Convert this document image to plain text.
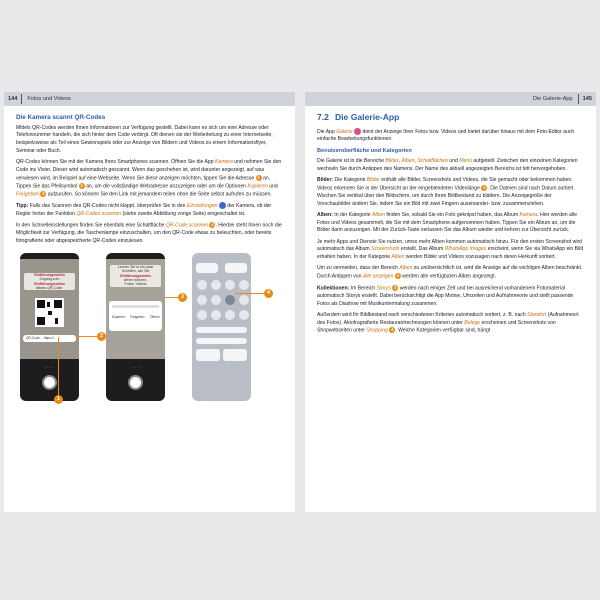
144	Fotos und Videos
Die Kamera scannt QR-Codes

Mittels QR-Codes werden Ihnen Informationen zur Verfügung gestellt. Dabei kann es sich um eine Adresse oder Telefonnummer handeln, die sich hinter dem Code verbirgt. Oft dienen sie der Weiterleitung zu einer Internetseite, beispielsweise als Teil eines Gewinnspiels oder zur Anzeige von Bildern und Videos zu einem Informationsflyer, Seminar oder Buch.

QR-Codes können Sie mit der Kamera Ihres Smartphones scannen. Öffnen Sie die App Kamera und nehmen Sie den Code ins Visier. Dieser wird automatisch gescannt. Wenn das geschehen ist, wird darunter angezeigt, auf was verwiesen wird, im Beispiel auf eine Webseite. Wenn Sie diese anzeigen möchten, tippen Sie die Adresse 1 an. Tippen Sie das Pfeilsymbol 2 an, um die vollständige Webadresse anzuzeigen oder um die Optionen Kopieren und Freigeben 3 aufzurufen. So können Sie den Link mit jemandem teilen ohne die Seite selbst aufrufen zu müssen.

Tipp: Falls das Scannen des QR-Codes nicht klappt, überprüfen Sie in den Einstellungen  der Kamera, ob der Regler hinter der Funktion QR-Codes scannen (siehe zweite Abbildung vorige Seite) eingeschaltet ist.

In den Schnelleinstellungen finden Sie ebenfalls eine Schaltfläche QR-Code scannen 4 . Hierbei steht Ihnen noch die Möglichkeit zur Verfügung, die Taschenlampe einzuschalten, um den QR-Code etwas zu beleuchten, oder bereits fotografierte oder abgespeicherte QR-Codes einzulesen.

Einführungsvideo
Zugang zum
Einführungsvideo
dieses QR-Code.
QR-Code: ...https://...
· · · · ·
1
2
Lernen Sie in ein paar
Schritten, wie Sie
Einführungsvideo
sehen können.
Fotos, Videos
Kopieren Freigeben Öffnen
· · · · ·
3
4
Die Galerie-App	145
7.2 Die Galerie-App

Die App Galerie  dient der Anzeige Ihrer Fotos bzw. Videos und bietet darüber hinaus mit dem Foto-Editor auch einfache Bearbeitungsfunktionen.

Benutzeroberfläche und Kategorien

Die Galerie ist in die Bereiche Bilder, Alben, Schaltflächen und Menü aufgeteilt. Zwischen den einzelnen Kategorien wechseln Sie durch Antippen des Namens. Der Name des aktuell angezeigten Bereichs ist fett hervorgehoben.

Bilder: Die Kategorie Bilder enthält alle Bilder, Screenshots und Videos, die Sie gemacht oder bekommen haben. Videos erkennen Sie in der Übersicht an der eingeblendeten Videolänge 1 . Die Dateien sind nach Datum sortiert. Wischen Sie vertikal über den Bildschirm, um durch Ihren Bildbestand zu blättern. Die Anzeigegröße der Vorschaubilder ändern Sie, indem Sie ein Bild mit zwei Fingern auseinander- bzw. zusammenziehen.

Alben: In der Kategorie Alben finden Sie, sobald Sie ein Foto geknipst haben, das Album Kamera. Hier werden alle Fotos und Videos gesammelt, die Sie mit dem Smartphone aufgenommen haben. Tippen Sie ein Album an, um die Bilder darin anzuzeigen. Mit der Zurück-Taste verlassen Sie das Album wieder und kehren zur Übersicht zurück.

Je mehr Apps und Dienste Sie nutzen, umso mehr Alben kommen automatisch hinzu. Für den ersten Screenshot wird automatisch das Album Screenshots erstellt. Das Album WhatsApp Images erscheint, wenn Sie via WhatsApp ein Bild erhalten haben. In der Kategorie Alben werden Bilder und Videos sozusagen nach deren Herkunft sortiert.

Um zu vermeiden, dass der Bereich Alben zu unübersichtlich ist, wird die Anzeige auf die wichtigen Alben beschränkt. Durch Antippen von Alle anzeigen 2 werden alle verfügbaren Alben angezeigt.

Kollektionen: Im Bereich Storys 3 werden nach einiger Zeit und bei ausreichend vorhandenem Fotomaterial automatisch Storys erstellt. Dabei berücksichtigt die App Motive, Uhrzeiten und Aufnahmeorte und stellt passende Fotos als Diashow mit Musikuntermalung zusammen.

Außerdem wird Ihr Bildbestand nach verschiedenen Kriterien automatisch sortiert, z. B. nach Standort (Aufnahmeort des Fotos). Aktofragrafierte Restaurantrechnungen können unter Belege erscheinen und Screenshots von Shopwebseiten unter Shopping 4 . Welche Kategorien verfügbar sind, hängt
